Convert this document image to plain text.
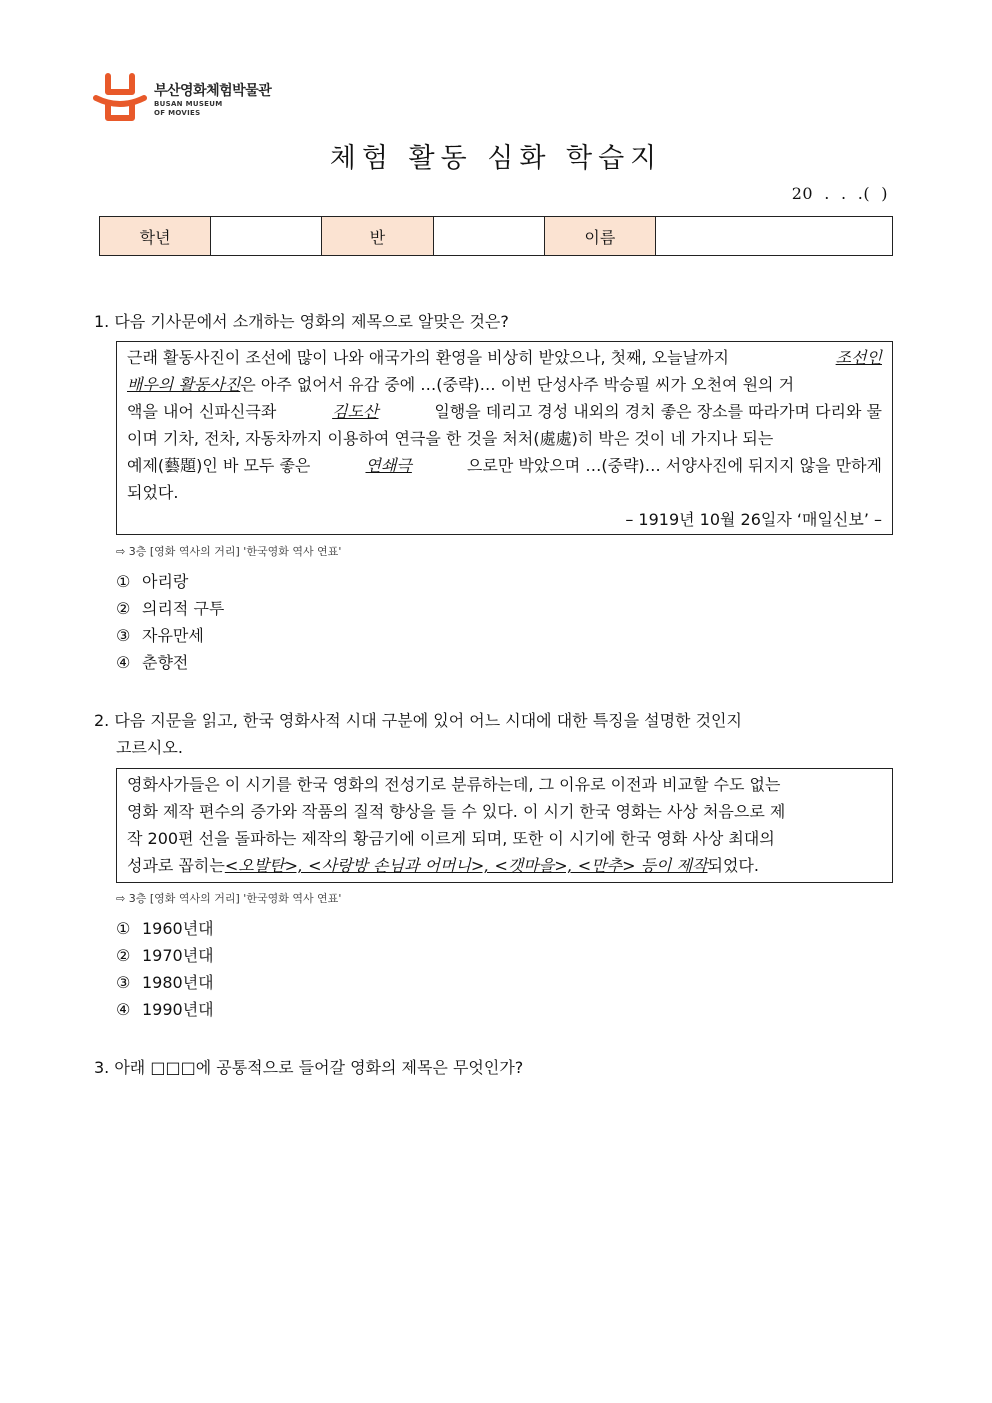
부산영화체험박물관
BUSAN MUSEUM
OF MOVIES
체험 활동 심화 학습지
20  .  .  .(  )
학년		반		이름	
1. 다음 기사문에서 소개하는 영화의 제목으로 알맞은 것은?
근래 활동사진이 조선에 많이 나와 애국가의 환영을 비상히 받았으나, 첫째, 오늘날까지	조선인
배우의 활동사진 은 아주 없어서 유감 중에 …(중략)… 이번 단성사주 박승필 씨가 오천여 원의 거
액을 내어 신파신극좌	김도산	일행을 데리고 경성 내외의 경치 좋은 장소를 따라가며 다리와 물
이며 기차, 전차, 자동차까지 이용하여 연극을 한 것을 처처(處處)히 박은 것이 네 가지나 되는
예제(藝題)인 바 모두 좋은	연쇄극	으로만 박았으며 …(중략)… 서양사진에 뒤지지 않을 만하게
되었다.
– 1919년 10월 26일자 ‘매일신보’ –
⇨ 3층 [영화 역사의 거리] '한국영화 역사 연표'
① 아리랑
② 의리적 구투
③ 자유만세
④ 춘향전
2. 다음 지문을 읽고, 한국 영화사적 시대 구분에 있어 어느 시대에 대한 특징을 설명한 것인지
고르시오.
영화사가들은 이 시기를 한국 영화의 전성기로 분류하는데, 그 이유로 이전과 비교할 수도 없는
영화 제작 편수의 증가와 작품의 질적 향상을 들 수 있다. 이 시기 한국 영화는 사상 처음으로 제
작 200편 선을 돌파하는 제작의 황금기에 이르게 되며, 또한 이 시기에 한국 영화 사상 최대의
성과로 꼽히는 <오발탄>, <사랑방 손님과 어머니>, <갯마을>, <만추> 등이 제작 되었다.
⇨ 3층 [영화 역사의 거리] '한국영화 역사 연표'
① 1960년대
② 1970년대
③ 1980년대
④ 1990년대
3. 아래 □□□에 공통적으로 들어갈 영화의 제목은 무엇인가?
